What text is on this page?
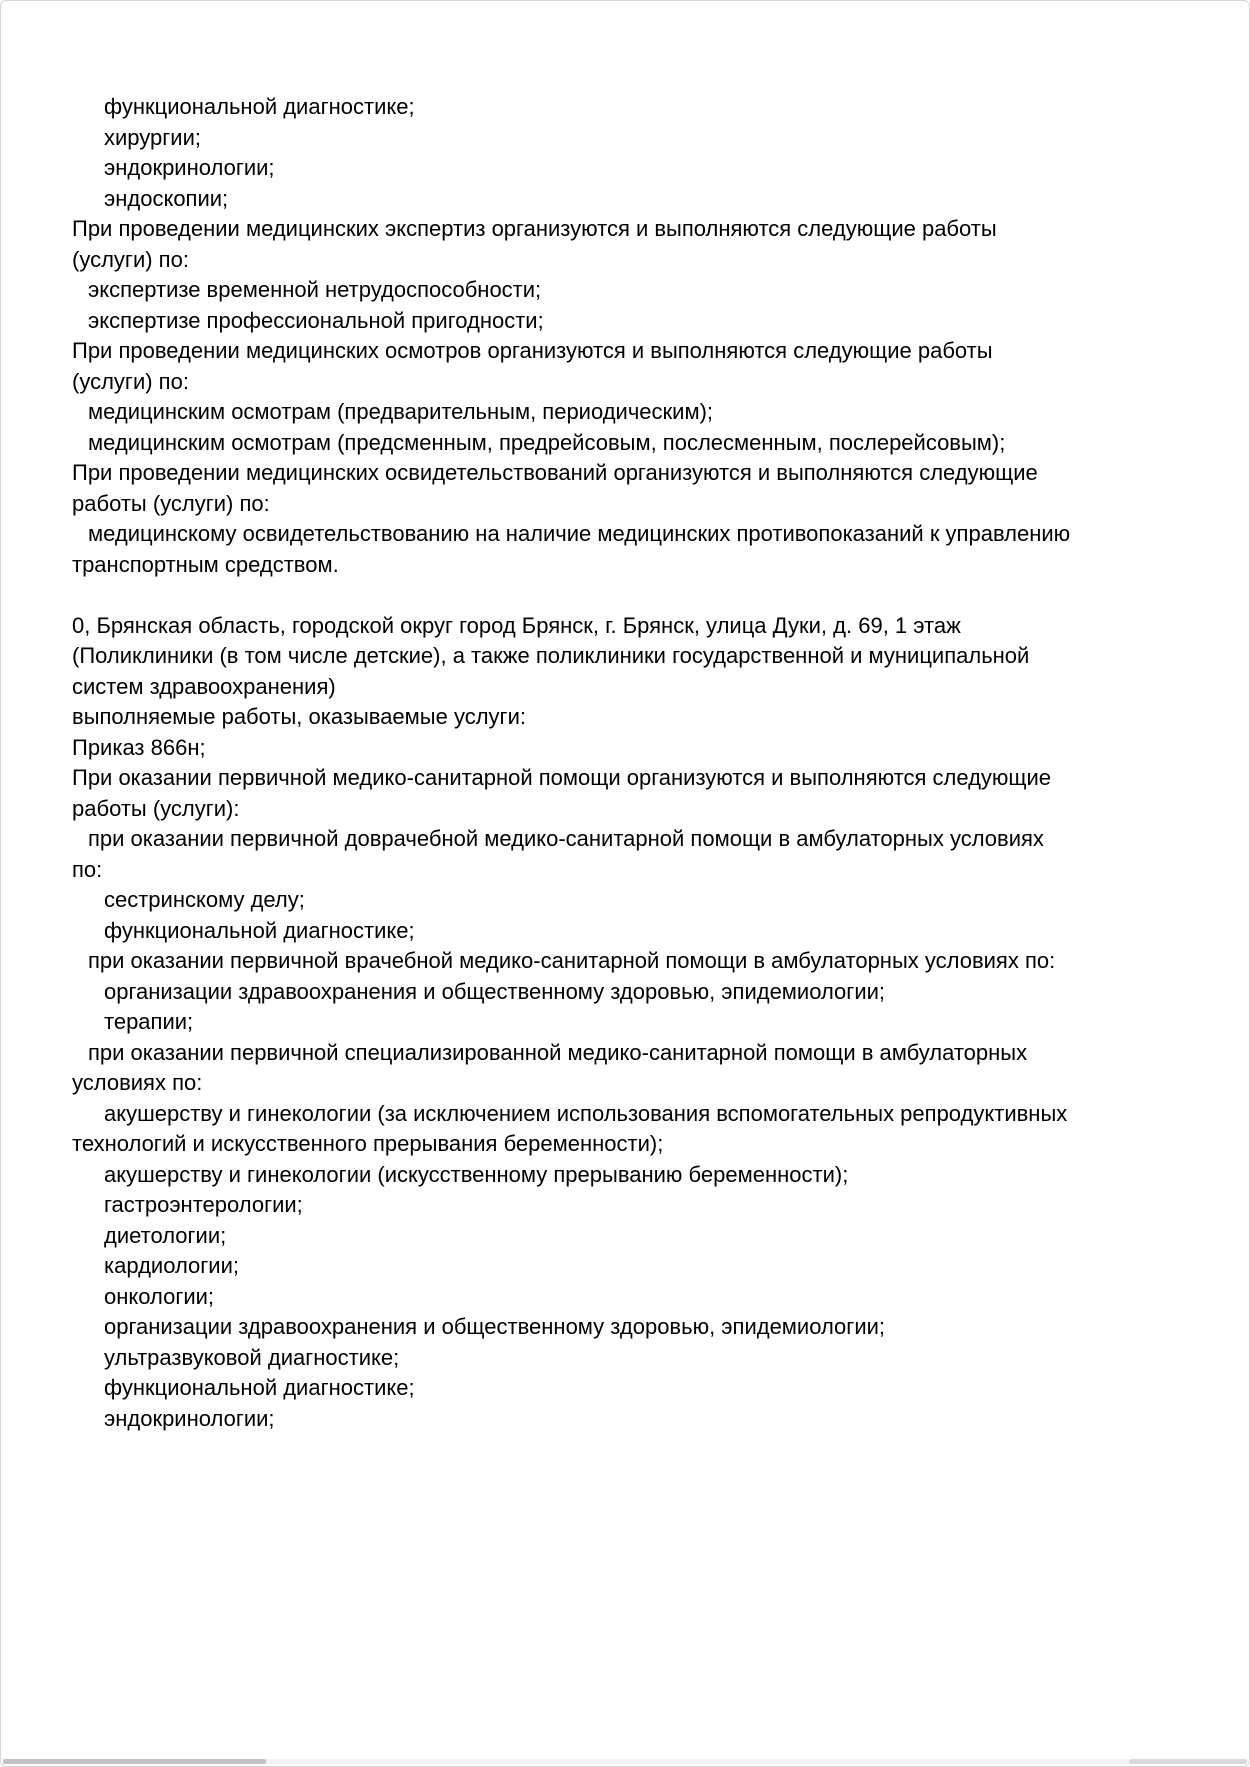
функциональной диагностике;
хирургии;
эндокринологии;
эндоскопии;
При проведении медицинских экспертиз организуются и выполняются следующие работы
(услуги) по:
экспертизе временной нетрудоспособности;
экспертизе профессиональной пригодности;
При проведении медицинских осмотров организуются и выполняются следующие работы
(услуги) по:
медицинским осмотрам (предварительным, периодическим);
медицинским осмотрам (предсменным, предрейсовым, послесменным, послерейсовым);
При проведении медицинских освидетельствований организуются и выполняются следующие
работы (услуги) по:
медицинскому освидетельствованию на наличие медицинских противопоказаний к управлению
транспортным средством.
0, Брянская область, городской округ город Брянск, г. Брянск, улица Дуки, д. 69, 1 этаж
(Поликлиники (в том числе детские), а также поликлиники государственной и муниципальной
систем здравоохранения)
выполняемые работы, оказываемые услуги:
Приказ 866н;
При оказании первичной медико-санитарной помощи организуются и выполняются следующие
работы (услуги):
при оказании первичной доврачебной медико-санитарной помощи в амбулаторных условиях
по:
сестринскому делу;
функциональной диагностике;
при оказании первичной врачебной медико-санитарной помощи в амбулаторных условиях по:
организации здравоохранения и общественному здоровью, эпидемиологии;
терапии;
при оказании первичной специализированной медико-санитарной помощи в амбулаторных
условиях по:
акушерству и гинекологии (за исключением использования вспомогательных репродуктивных
технологий и искусственного прерывания беременности);
акушерству и гинекологии (искусственному прерыванию беременности);
гастроэнтерологии;
диетологии;
кардиологии;
онкологии;
организации здравоохранения и общественному здоровью, эпидемиологии;
ультразвуковой диагностике;
функциональной диагностике;
эндокринологии;
